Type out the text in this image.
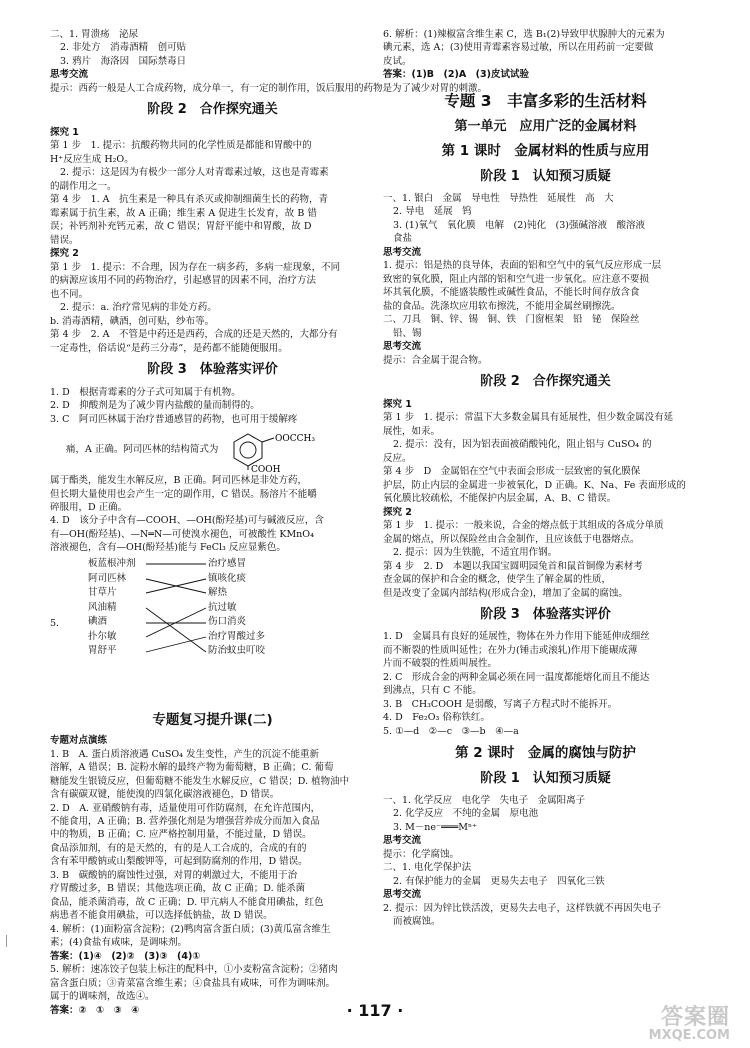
二、1. 胃溃疡　泌尿

2. 非处方　消毒酒精　创可贴

3. 鸦片　海洛因　国际禁毒日

思考交流

提示：西药一般是人工合成药物，成分单一，有一定的制作用，饭后服用的药物是为了减少对胃的刺激。

阶段 2　合作探究通关

探究 1

第 1 步　1. 提示：抗酸药物共同的化学性质是都能和胃酸中的

H⁺反应生成 H₂O。

2. 提示：这是因为有极少一部分人对青霉素过敏，这也是青霉素

的副作用之一。

第 4 步　1. A　抗生素是一种具有杀灭或抑制细菌生长的药物，青

霉素属于抗生素，故 A 正确；维生素 A 促进生长发育，故 B 错

误；补钙剂补充钙元素，故 C 错误；胃舒平能中和胃酸，故 D

错误。

探究 2

第 1 步　1. 提示：不合理，因为存在一病多药，多病一症现象，不同

的病源应该用不同的药物治疗，引起感冒的因素不同，治疗方法

也不同。

2. 提示：a. 治疗常见病的非处方药。

b. 消毒酒精，碘酒，创可贴，纱布等。

第 4 步　2. A　不管是中药还是西药，合成的还是天然的，大都分有

一定毒性，俗话说“是药三分毒”，是药都不能随便服用。

阶段 3　体验落实评价

1. D　根据青霉素的分子式可知属于有机物。

2. D　抑酸剂是为了减少胃内盐酸的量而制得的。

3. C　阿司匹林属于治疗普通感冒的药物，也可用于缓解疼

痛，A 正确。阿司匹林的结构简式为
OOCCH₃
COOH

属于酯类，能发生水解反应，B 正确。阿司匹林是非处方药，

但长期大量使用也会产生一定的副作用，C 错误。肠溶片不能嚼

碎服用，D 正确。

4. D　该分子中含有—COOH、—OH(酚羟基)可与碱液反应，含

有—OH(酚羟基)、—N═N—可使溴水褪色，可被酸性 KMnO₄

溶液褪色，含有—OH(酚羟基)能与 FeCl₃ 反应显紫色。

5.
板蓝根冲剂
阿司匹林
甘草片
风油精
碘酒
扑尔敏
胃舒平
治疗感冒
镇咳化痰
解热
抗过敏
伤口消炎
治疗胃酸过多
防治蚊虫叮咬
专题复习提升课(二)

专题对点演练

1. B　A. 蛋白质溶液遇 CuSO₄ 发生变性，产生的沉淀不能重新

溶解，A 错误；B. 淀粉水解的最终产物为葡萄糖，B 正确；C. 葡萄

糖能发生银镜反应，但葡萄糖不能发生水解反应，C 错误；D. 植物油中

含有碳碳双键，能使溴的四氯化碳溶液褪色，D 错误。

2. D　A. 亚硝酸钠有毒，适量使用可作防腐剂，在允许范围内，

不能食用，A 正确；B. 营养强化剂是为增强营养成分而加入食品

中的物质，B 正确；C. 应严格控制用量，不能过量，D 错误。

食品添加剂，有的是天然的，有的是人工合成的，合成的有的

含有苯甲酸钠或山梨酸钾等，可起到防腐剂的作用，D 错误。

3. B　碳酸钠的腐蚀性过强，对胃的刺激过大，不能用于治

疗胃酸过多，B 错误；其他选项正确，故 C 正确；D. 能杀菌

食品，能杀菌消毒，故 C 正确；D. 甲亢病人不能食用碘盐，红色

病患者不能食用碘盐，可以选择低钠盐，故 D 错误。

4. 解析：(1)面粉富含淀粉；(2)鸭肉富含蛋白质；(3)黄瓜富含维生

素；(4)食盐有咸味，是调味剂。

答案：(1)④　(2)②　(3)③　(4)①

5. 解析：速冻饺子包装上标注的配料中，①小麦粉富含淀粉；②猪肉

富含蛋白质；③青菜富含维生素；④食盐具有咸味，可作为调味剂。

属于的调味剂，故选④。

答案：②　①　③　④

6. 解析：(1)辣椒富含维生素 C，选 B₁(2)导致甲状腺肿大的元素为

碘元素，选 A；(3)使用青霉素容易过敏，所以在用药前一定要做

皮试。

答案：(1)B　(2)A　(3)皮试试验

专题 3　丰富多彩的生活材料
第一单元　应用广泛的金属材料
第 1 课时　金属材料的性质与应用
阶段 1　认知预习质疑

一、1. 银白　金属　导电性　导热性　延展性　高　大

2. 导电　延展　钨

3. (1)氧气　氧化膜　电解　(2)钝化　(3)强碱溶液　酸溶液

食盐

思考交流

1. 提示：铝是热的良导体，表面的铝和空气中的氧气反应形成一层

致密的氧化膜，阻止内部的铝和空气进一步氧化。应注意不要损

坏其氧化膜，不能盛装酸性或碱性食品，不能长时间存放含食

盐的食品。洗涤坎应用软布擦洗，不能用金属丝刷擦洗。

二、刀具　铜、锌、锡　铜、铁　门窗框架　铅　铋　保险丝

铅、锡

思考交流

提示：合金属于混合物。

阶段 2　合作探究通关

探究 1

第 1 步　1. 提示：常温下大多数金属具有延展性，但少数金属没有延

展性，如汞。

2. 提示：没有，因为铝表面被硝酸钝化，阻止铝与 CuSO₄ 的

反应。

第 4 步　D　金属铝在空气中表面会形成一层致密的氧化膜保

护层，防止内层的金属进一步被氧化，D 正确。K、Na、Fe 表面形成的

氧化膜比较疏松，不能保护内层金属，A、B、C 错误。

探究 2

第 1 步　1. 提示：一般来说，合金的熔点低于其组成的各成分单质

金属的熔点，所以保险丝由合金制作，且应该低于电器熔点。

2. 提示：因为生铁脆，不适宜用作钢。

第 4 步　2. D　本题以我国宝圆明园兔首和鼠首铜像为素材考

查金属的保护和合金的概念，使学生了解金属的性质，

但是改变了金属内部结构(形成合金)，增加了金属的腐蚀。

阶段 3　体验落实评价

1. D　金属具有良好的延展性，物体在外力作用下能延伸成细丝

而不断裂的性质叫延性；在外力(锤击或滚轧)作用下能碾成薄

片而不破裂的性质叫展性。

2. C　形成合金的两种金属必须在同一温度都能熔化而且不能达

到沸点，只有 C 不能。

3. B　CH₃COOH 是弱酸，写离子方程式时不能拆开。

4. D　Fe₂O₃ 俗称铁红。

5. ①—d　②—c　③—b　④—a

第 2 课时　金属的腐蚀与防护
阶段 1　认知预习质疑

一、1. 化学反应　电化学　失电子　金属阳离子

2. 化学反应　不纯的金属　原电池

3. M－ne⁻═══Mⁿ⁺

思考交流

提示：化学腐蚀。

二、1. 电化学保护法

2. 有保护能力的金属　更易失去电子　四氧化三铁

思考交流

2. 提示：因为锌比铁活泼，更易失去电子，这样铁就不再因失电子

而被腐蚀。

· 117 ·	答案圈
MXQE.COM
